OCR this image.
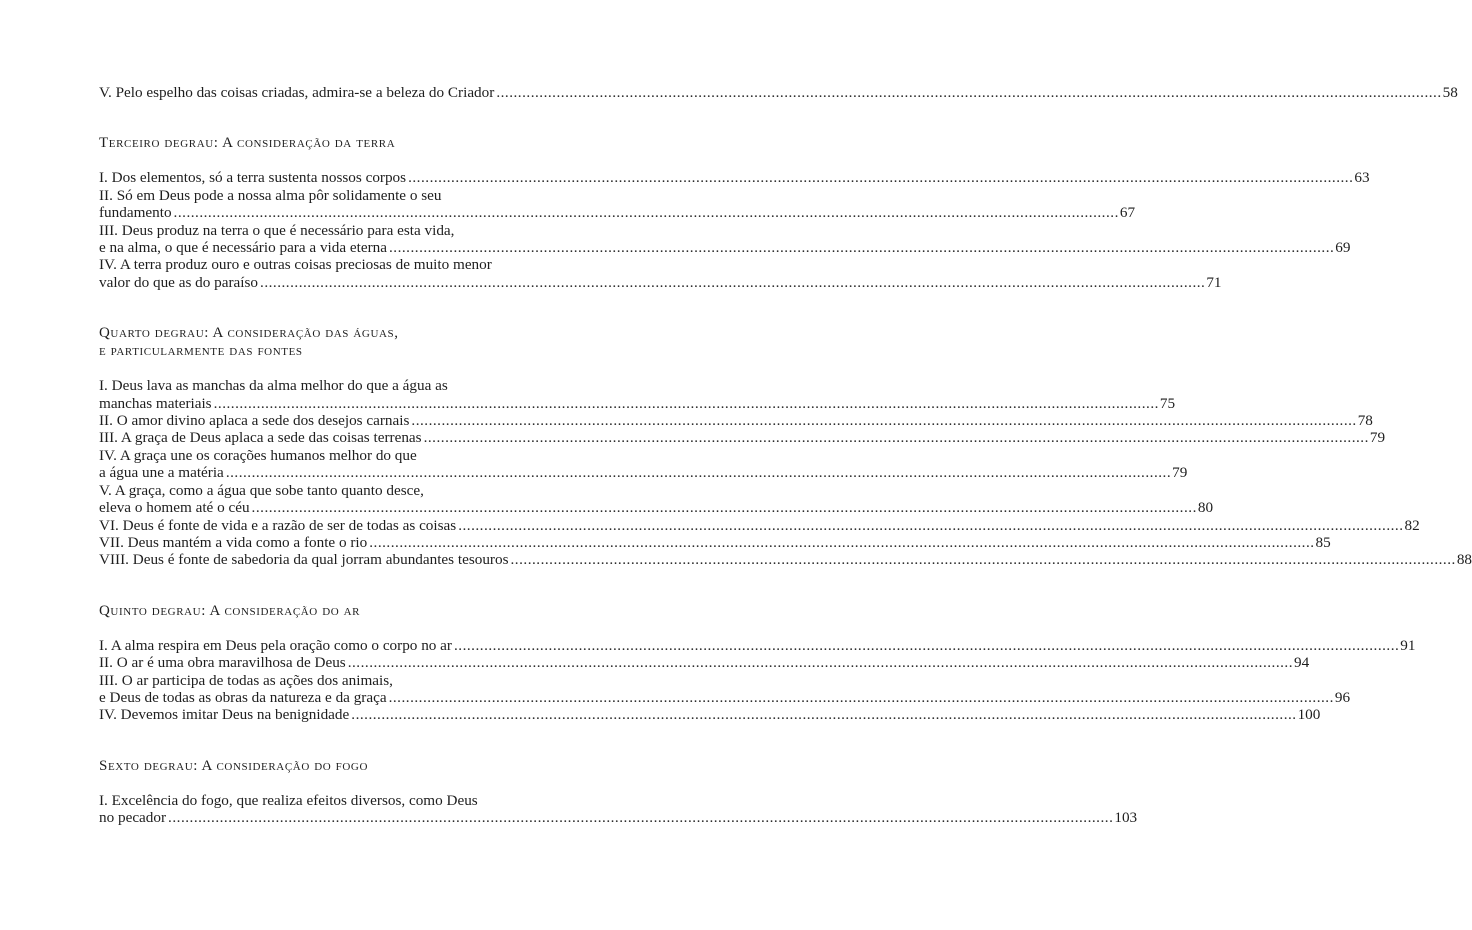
V. Pelo espelho das coisas criadas, admira-se a beleza do Criador ............................................................................................................................................................................................................................ 58
Terceiro degrau: A consideração da terra
I. Dos elementos, só a terra sustenta nossos corpos ............................................................................................................................................................................................................................ 63
II. Só em Deus pode a nossa alma pôr solidamente o seu
fundamento ............................................................................................................................................................................................................................ 67
III. Deus produz na terra o que é necessário para esta vida,
e na alma, o que é necessário para a vida eterna ............................................................................................................................................................................................................................ 69
IV. A terra produz ouro e outras coisas preciosas de muito menor
valor do que as do paraíso ............................................................................................................................................................................................................................ 71
Quarto degrau: A consideração das águas,
e particularmente das fontes
I. Deus lava as manchas da alma melhor do que a água as
manchas materiais ............................................................................................................................................................................................................................ 75
II. O amor divino aplaca a sede dos desejos carnais ............................................................................................................................................................................................................................ 78
III. A graça de Deus aplaca a sede das coisas terrenas ............................................................................................................................................................................................................................ 79
IV. A graça une os corações humanos melhor do que
a água une a matéria ............................................................................................................................................................................................................................ 79
V. A graça, como a água que sobe tanto quanto desce,
eleva o homem até o céu ............................................................................................................................................................................................................................ 80
VI. Deus é fonte de vida e a razão de ser de todas as coisas ............................................................................................................................................................................................................................ 82
VII. Deus mantém a vida como a fonte o rio ............................................................................................................................................................................................................................ 85
VIII. Deus é fonte de sabedoria da qual jorram abundantes tesouros ............................................................................................................................................................................................................................ 88
Quinto degrau: A consideração do ar
I. A alma respira em Deus pela oração como o corpo no ar ............................................................................................................................................................................................................................ 91
II. O ar é uma obra maravilhosa de Deus ............................................................................................................................................................................................................................ 94
III. O ar participa de todas as ações dos animais,
e Deus de todas as obras da natureza e da graça ............................................................................................................................................................................................................................ 96
IV. Devemos imitar Deus na benignidade ............................................................................................................................................................................................................................ 100
Sexto degrau: A consideração do fogo
I. Excelência do fogo, que realiza efeitos diversos, como Deus
no pecador ............................................................................................................................................................................................................................ 103
